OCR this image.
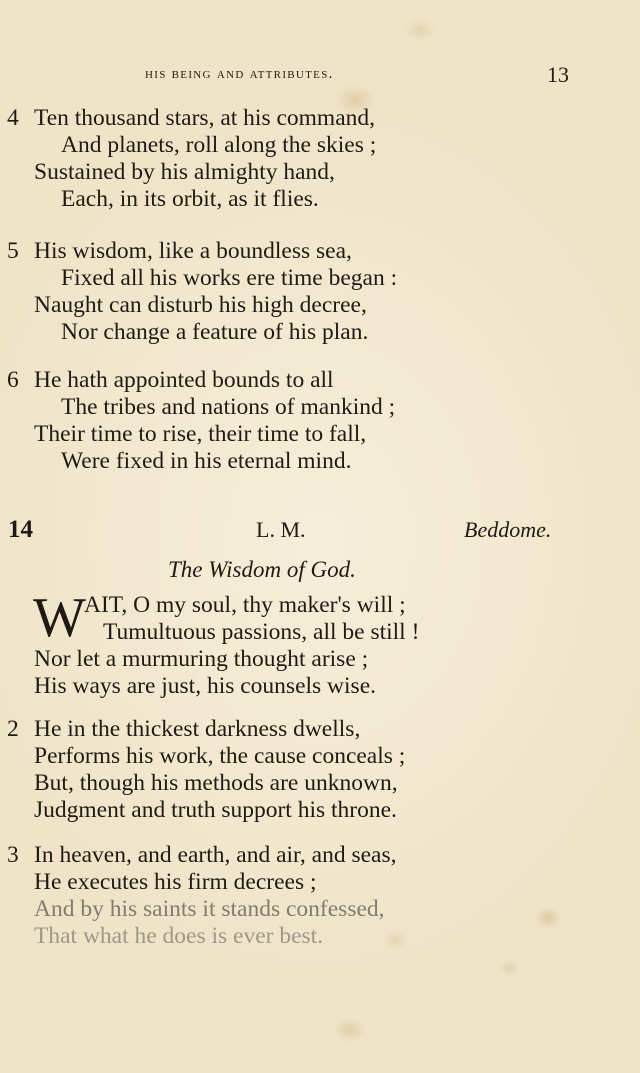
his being and attributes.	13
4 Ten thousand stars, at his command,
And planets, roll along the skies ;
Sustained by his almighty hand,
Each, in its orbit, as it flies.
5 His wisdom, like a boundless sea,
Fixed all his works ere time began :
Naught can disturb his high decree,
Nor change a feature of his plan.
6 He hath appointed bounds to all
The tribes and nations of mankind ;
Their time to rise, their time to fall,
Were fixed in his eternal mind.
14	L. M.	Beddome.
The Wisdom of God.
W
AIT, O my soul, thy maker's will ;
Tumultuous passions, all be still !
Nor let a murmuring thought arise ;
His ways are just, his counsels wise.
2 He in the thickest darkness dwells,
Performs his work, the cause conceals ;
But, though his methods are unknown,
Judgment and truth support his throne.
3 In heaven, and earth, and air, and seas,
He executes his firm decrees ;
And by his saints it stands confessed,
That what he does is ever best.
